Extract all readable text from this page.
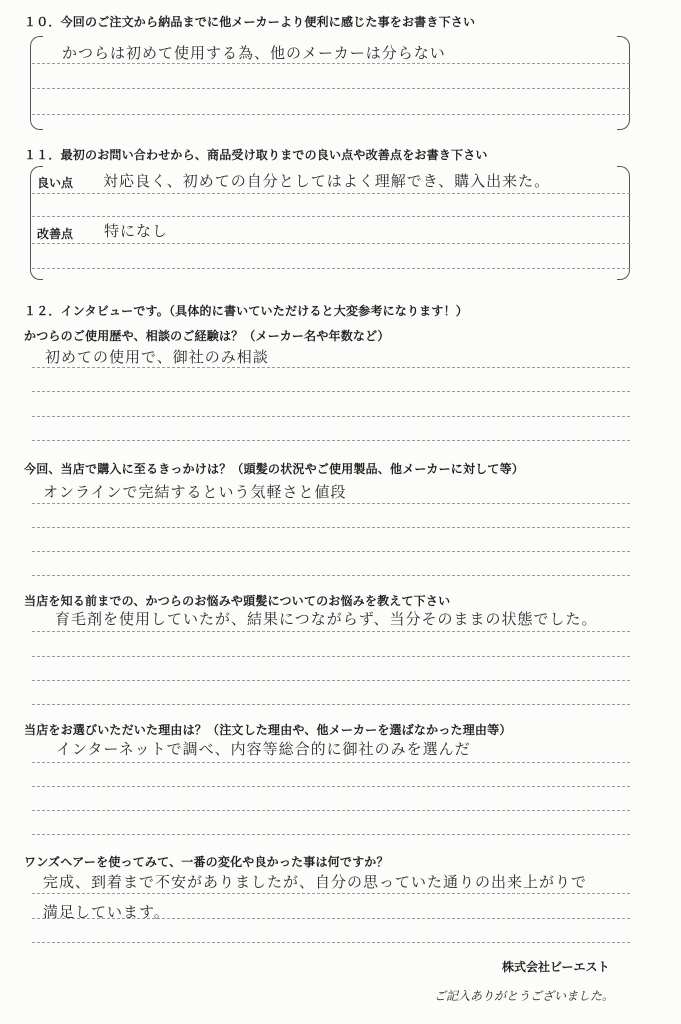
１０．今回のご注文から納品までに他メーカーより便利に感じた事をお書き下さい
かつらは初めて使用する為、他のメーカーは分らない
１１．最初のお問い合わせから、商品受け取りまでの良い点や改善点をお書き下さい
良い点 対応良く、初めての自分としてはよく理解でき、購入出来た。
改善点 特になし
１２．インタビューです。（具体的に書いていただけると大変参考になります！）
かつらのご使用歴や、相談のご経験は？（メーカー名や年数など）
初めての使用で、御社のみ相談
今回、当店で購入に至るきっかけは？（頭髪の状況やご使用製品、他メーカーに対して等）
オンラインで完結するという気軽さと値段
当店を知る前までの、かつらのお悩みや頭髪についてのお悩みを教えて下さい
育毛剤を使用していたが、結果につながらず、当分そのままの状態でした。
当店をお選びいただいた理由は？（注文した理由や、他メーカーを選ばなかった理由等）
インターネットで調べ、内容等総合的に御社のみを選んだ
ワンズヘアーを使ってみて、一番の変化や良かった事は何ですか？
完成、到着まで不安がありましたが、自分の思っていた通りの出来上がりで
満足しています。
株式会社ビーエスト
ご記入ありがとうございました。
